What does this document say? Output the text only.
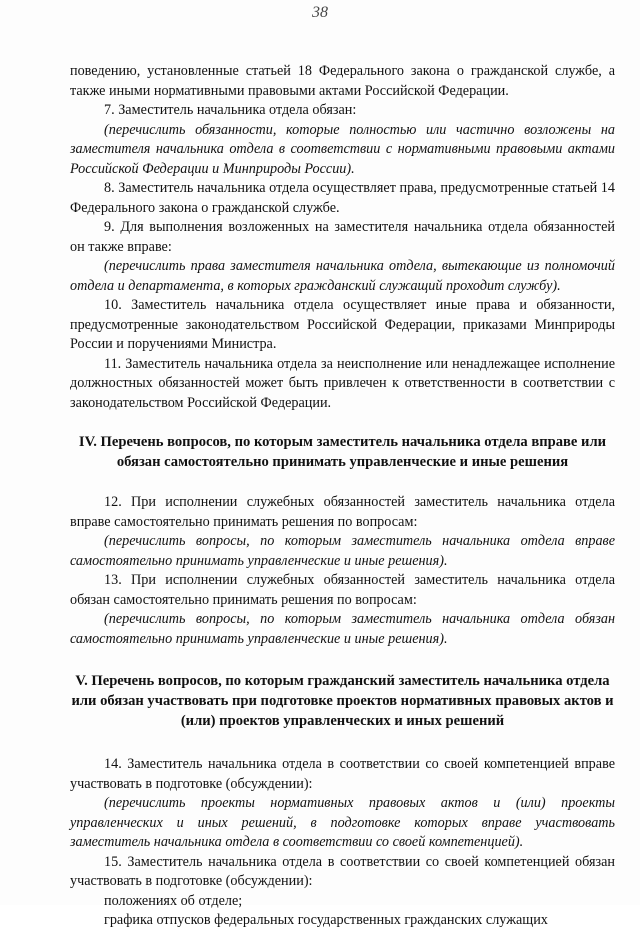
38

поведению, установленные статьей 18 Федерального закона о гражданской службе, а также иными нормативными правовыми актами Российской Федерации.

7. Заместитель начальника отдела обязан:

(перечислить обязанности, которые полностью или частично возложены на заместителя начальника отдела в соответствии с нормативными правовыми актами Российской Федерации и Минприроды России).

8. Заместитель начальника отдела осуществляет права, предусмотренные статьей 14 Федерального закона о гражданской службе.

9. Для выполнения возложенных на заместителя начальника отдела обязанностей он также вправе:

(перечислить права заместителя начальника отдела, вытекающие из полномочий отдела и департамента, в которых гражданский служащий проходит службу).

10. Заместитель начальника отдела осуществляет иные права и обязанности, предусмотренные законодательством Российской Федерации, приказами Минприроды России и поручениями Министра.

11. Заместитель начальника отдела за неисполнение или ненадлежащее исполнение должностных обязанностей может быть привлечен к ответственности в соответствии с законодательством Российской Федерации.

IV. Перечень вопросов, по которым заместитель начальника отдела вправе или обязан самостоятельно принимать управленческие и иные решения

12. При исполнении служебных обязанностей заместитель начальника отдела вправе самостоятельно принимать решения по вопросам:

(перечислить вопросы, по которым заместитель начальника отдела вправе самостоятельно принимать управленческие и иные решения).

13. При исполнении служебных обязанностей заместитель начальника отдела обязан самостоятельно принимать решения по вопросам:

(перечислить вопросы, по которым заместитель начальника отдела обязан самостоятельно принимать управленческие и иные решения).

V. Перечень вопросов, по которым гражданский заместитель начальника отдела или обязан участвовать при подготовке проектов нормативных правовых актов и (или) проектов управленческих и иных решений

14. Заместитель начальника отдела в соответствии со своей компетенцией вправе участвовать в подготовке (обсуждении):

(перечислить проекты нормативных правовых актов и (или) проекты управленческих и иных решений, в подготовке которых вправе участвовать заместитель начальника отдела в соответствии со своей компетенцией).

15. Заместитель начальника отдела в соответствии со своей компетенцией обязан участвовать в подготовке (обсуждении):

положениях об отделе;

графика отпусков федеральных государственных гражданских служащих
